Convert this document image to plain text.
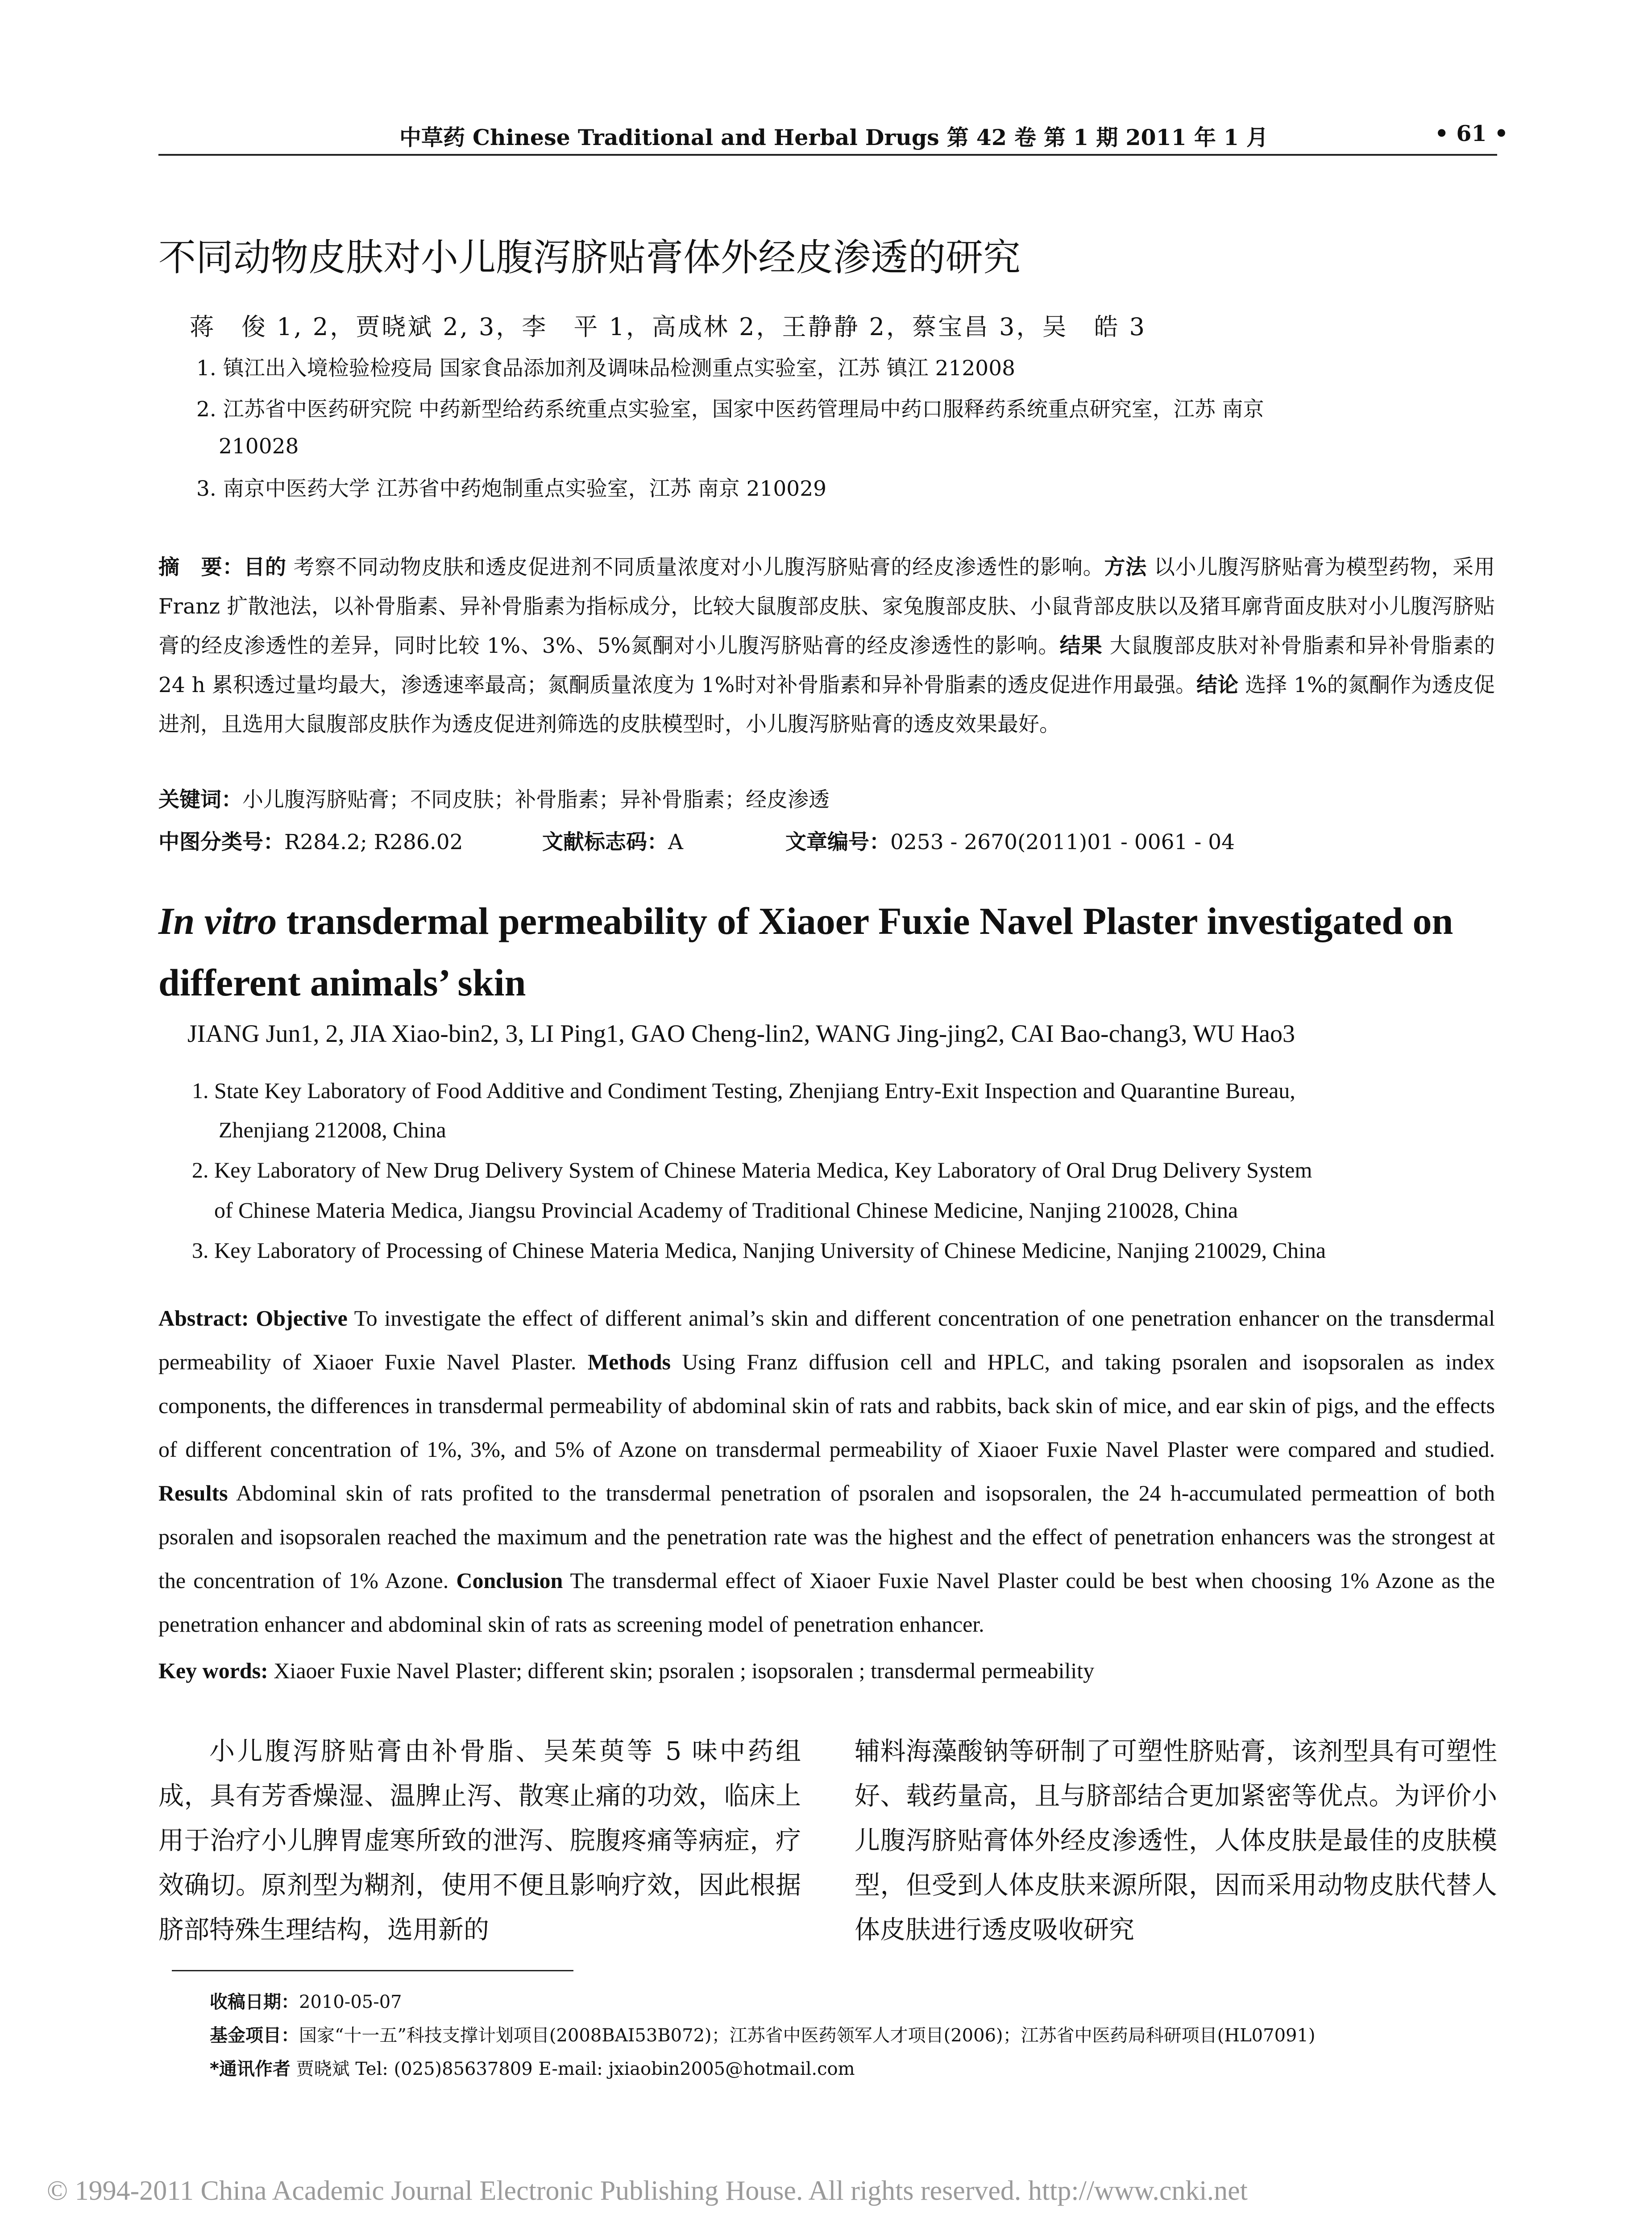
中草药 Chinese Traditional and Herbal Drugs 第 42 卷 第 1 期 2011 年 1 月	• 61 •
不同动物皮肤对小儿腹泻脐贴膏体外经皮渗透的研究
蒋　俊 1, 2，贾晓斌 2, 3，李　平 1，高成林 2，王静静 2，蔡宝昌 3，吴　皓 3
1. 镇江出入境检验检疫局 国家食品添加剂及调味品检测重点实验室，江苏 镇江 212008
2. 江苏省中医药研究院 中药新型给药系统重点实验室，国家中医药管理局中药口服释药系统重点研究室，江苏 南京
210028
3. 南京中医药大学 江苏省中药炮制重点实验室，江苏 南京 210029
摘　要：目的 考察不同动物皮肤和透皮促进剂不同质量浓度对小儿腹泻脐贴膏的经皮渗透性的影响。方法 以小儿腹泻脐贴膏为模型药物，采用 Franz 扩散池法，以补骨脂素、异补骨脂素为指标成分，比较大鼠腹部皮肤、家兔腹部皮肤、小鼠背部皮肤以及猪耳廓背面皮肤对小儿腹泻脐贴膏的经皮渗透性的差异，同时比较 1%、3%、5%氮酮对小儿腹泻脐贴膏的经皮渗透性的影响。结果 大鼠腹部皮肤对补骨脂素和异补骨脂素的 24 h 累积透过量均最大，渗透速率最高；氮酮质量浓度为 1%时对补骨脂素和异补骨脂素的透皮促进作用最强。结论 选择 1%的氮酮作为透皮促进剂，且选用大鼠腹部皮肤作为透皮促进剂筛选的皮肤模型时，小儿腹泻脐贴膏的透皮效果最好。
关键词：小儿腹泻脐贴膏；不同皮肤；补骨脂素；异补骨脂素；经皮渗透
中图分类号：R284.2; R286.02	文献标志码：A	文章编号：0253 - 2670(2011)01 - 0061 - 04
In vitro transdermal permeability of Xiaoer Fuxie Navel Plaster investigated on different animals’ skin
JIANG Jun1, 2, JIA Xiao-bin2, 3, LI Ping1, GAO Cheng-lin2, WANG Jing-jing2, CAI Bao-chang3, WU Hao3
1. State Key Laboratory of Food Additive and Condiment Testing, Zhenjiang Entry-Exit Inspection and Quarantine Bureau,
Zhenjiang 212008, China
2. Key Laboratory of New Drug Delivery System of Chinese Materia Medica, Key Laboratory of Oral Drug Delivery System
of Chinese Materia Medica, Jiangsu Provincial Academy of Traditional Chinese Medicine, Nanjing 210028, China
3. Key Laboratory of Processing of Chinese Materia Medica, Nanjing University of Chinese Medicine, Nanjing 210029, China
Abstract: Objective To investigate the effect of different animal’s skin and different concentration of one penetration enhancer on the transdermal permeability of Xiaoer Fuxie Navel Plaster. Methods Using Franz diffusion cell and HPLC, and taking psoralen and isopsoralen as index components, the differences in transdermal permeability of abdominal skin of rats and rabbits, back skin of mice, and ear skin of pigs, and the effects of different concentration of 1%, 3%, and 5% of Azone on transdermal permeability of Xiaoer Fuxie Navel Plaster were compared and studied. Results Abdominal skin of rats profited to the transdermal penetration of psoralen and isopsoralen, the 24 h-accumulated permeattion of both psoralen and isopsoralen reached the maximum and the penetration rate was the highest and the effect of penetration enhancers was the strongest at the concentration of 1% Azone. Conclusion The transdermal effect of Xiaoer Fuxie Navel Plaster could be best when choosing 1% Azone as the penetration enhancer and abdominal skin of rats as screening model of penetration enhancer.
Key words: Xiaoer Fuxie Navel Plaster; different skin; psoralen ; isopsoralen ; transdermal permeability
小儿腹泻脐贴膏由补骨脂、吴茱萸等 5 味中药组成，具有芳香燥湿、温脾止泻、散寒止痛的功效，临床上用于治疗小儿脾胃虚寒所致的泄泻、脘腹疼痛等病症，疗效确切。原剂型为糊剂，使用不便且影响疗效，因此根据脐部特殊生理结构，选用新的
辅料海藻酸钠等研制了可塑性脐贴膏，该剂型具有可塑性好、载药量高，且与脐部结合更加紧密等优点。为评价小儿腹泻脐贴膏体外经皮渗透性，人体皮肤是最佳的皮肤模型，但受到人体皮肤来源所限，因而采用动物皮肤代替人体皮肤进行透皮吸收研究
收稿日期：2010-05-07
基金项目：国家“十一五”科技支撑计划项目(2008BAI53B072)；江苏省中医药领军人才项目(2006)；江苏省中医药局科研项目(HL07091)
*通讯作者 贾晓斌 Tel: (025)85637809 E-mail: jxiaobin2005@hotmail.com
© 1994-2011 China Academic Journal Electronic Publishing House. All rights reserved. http://www.cnki.net
